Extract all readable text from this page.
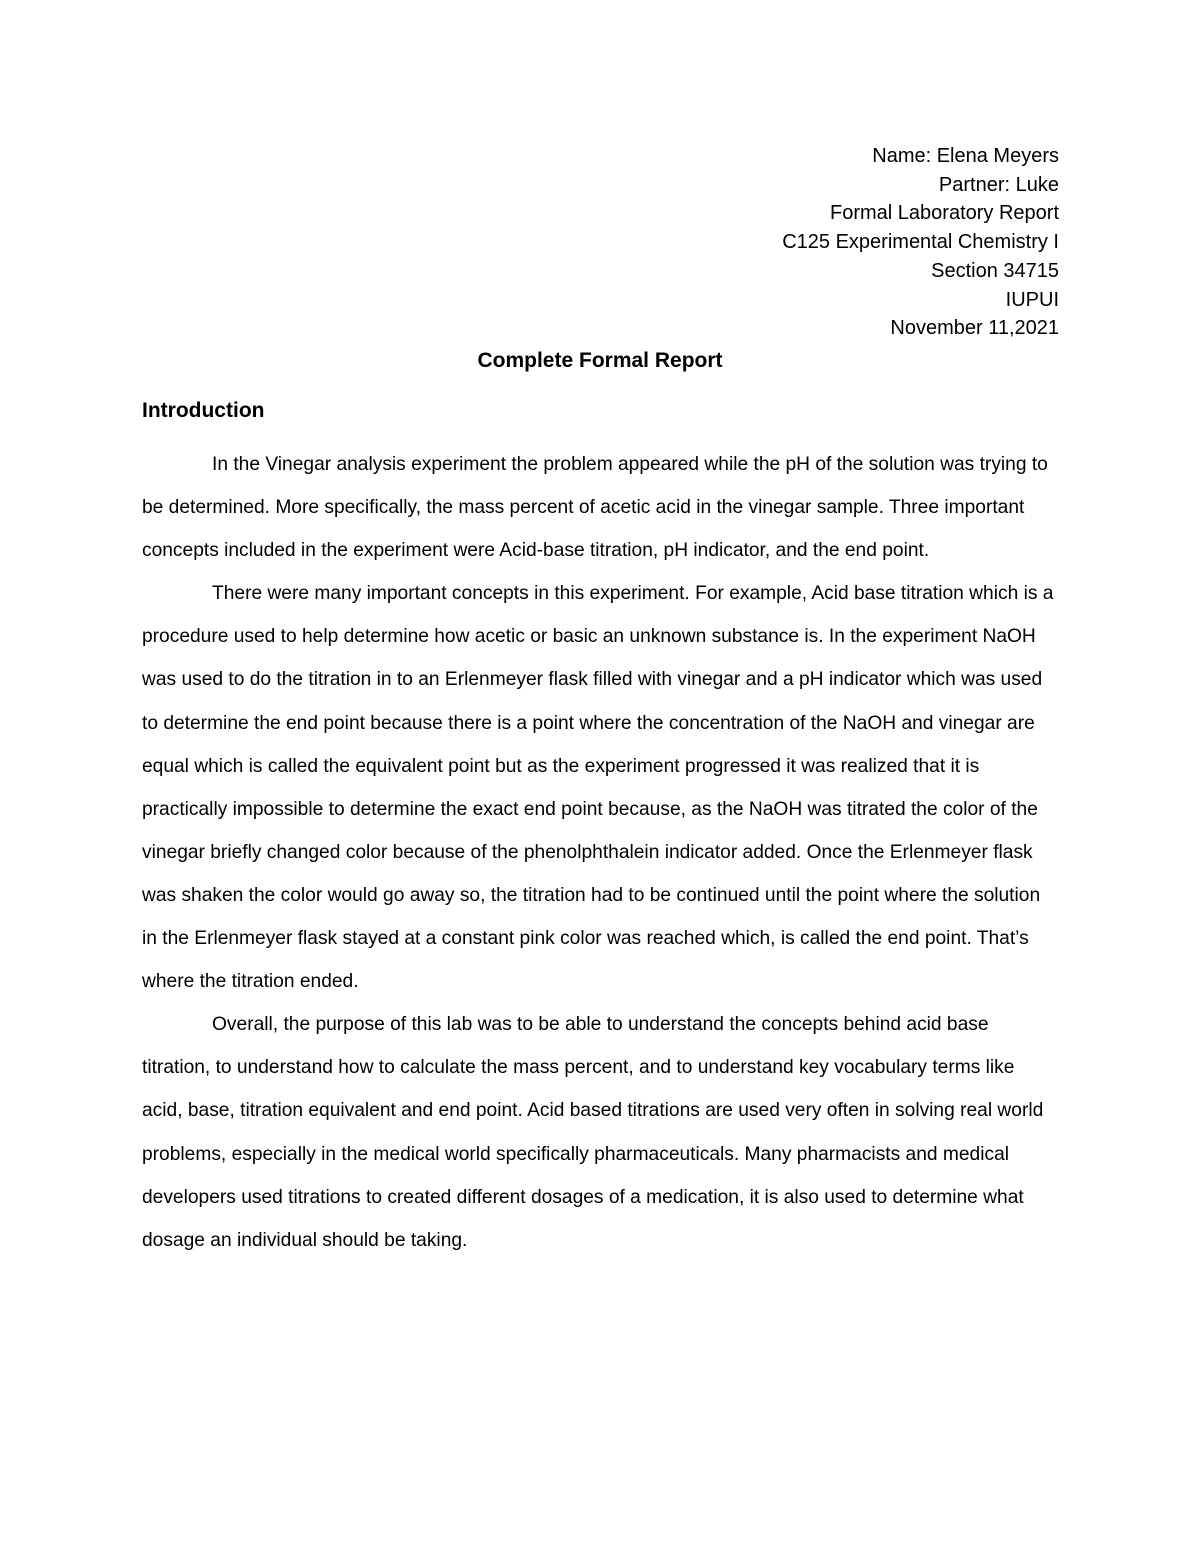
Name: Elena Meyers
Partner: Luke
Formal Laboratory Report
C125 Experimental Chemistry I
Section 34715
IUPUI
November 11,2021
Complete Formal Report
Introduction

In the Vinegar analysis experiment the problem appeared while the pH of the solution was trying to be determined. More specifically, the mass percent of acetic acid in the vinegar sample. Three important concepts included in the experiment were Acid-base titration, pH indicator, and the end point.

There were many important concepts in this experiment. For example, Acid base titration which is a procedure used to help determine how acetic or basic an unknown substance is. In the experiment NaOH was used to do the titration in to an Erlenmeyer flask filled with vinegar and a pH indicator which was used to determine the end point because there is a point where the concentration of the NaOH and vinegar are equal which is called the equivalent point but as the experiment progressed it was realized that it is practically impossible to determine the exact end point because, as the NaOH was titrated the color of the vinegar briefly changed color because of the phenolphthalein indicator added. Once the Erlenmeyer flask was shaken the color would go away so, the titration had to be continued until the point where the solution in the Erlenmeyer flask stayed at a constant pink color was reached which, is called the end point. That’s where the titration ended.

Overall, the purpose of this lab was to be able to understand the concepts behind acid base titration, to understand how to calculate the mass percent, and to understand key vocabulary terms like acid, base, titration equivalent and end point. Acid based titrations are used very often in solving real world problems, especially in the medical world specifically pharmaceuticals. Many pharmacists and medical developers used titrations to created different dosages of a medication, it is also used to determine what dosage an individual should be taking.
